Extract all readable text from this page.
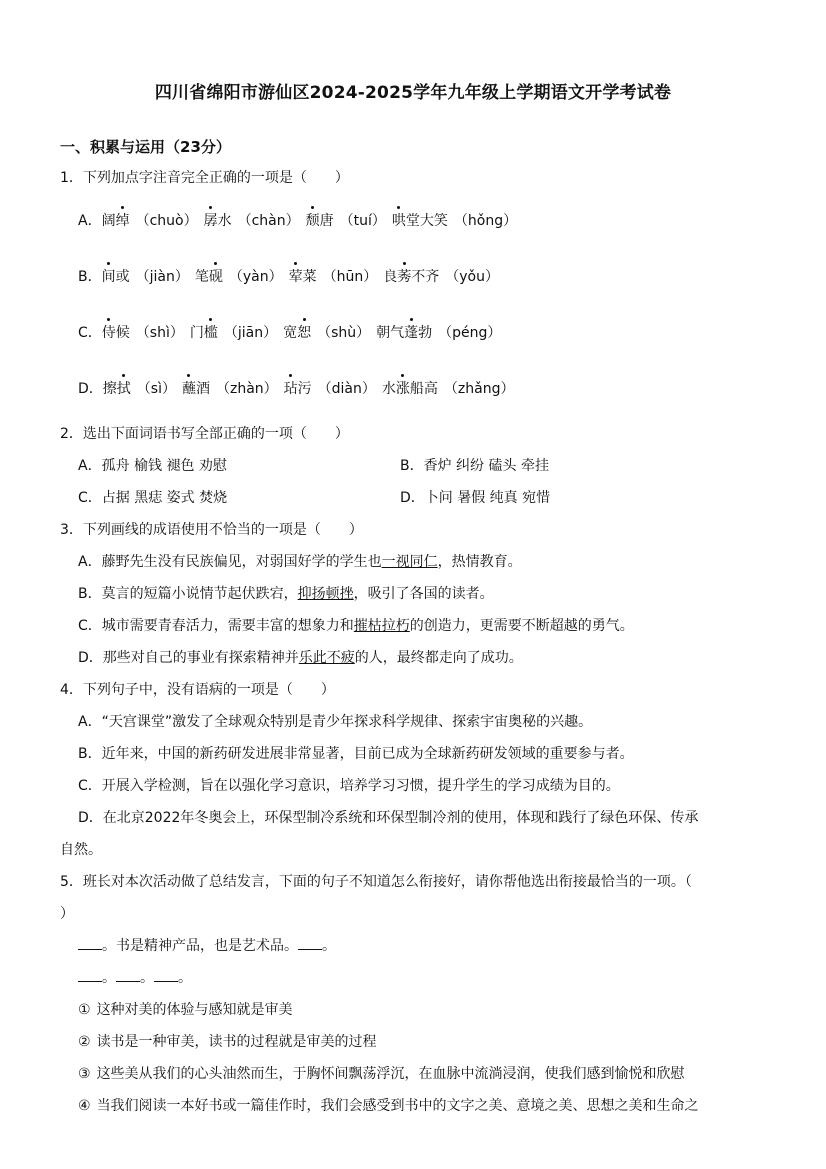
四川省绵阳市游仙区2024-2025学年九年级上学期语文开学考试卷
一、积累与运用（23分）
1．下列加点字注音完全正确的一项是（　　）
A．阔绰 （chuò） 孱水 （chàn） 颓唐 （tuí） 哄堂大笑 （hǒng）
B．间或 （jiàn） 笔砚 （yàn） 荤菜 （hūn） 良莠不齐 （yǒu）
C．侍候 （shì） 门槛 （jiān） 宽恕 （shù） 朝气蓬勃 （péng）
D．擦拭 （sì） 蘸酒 （zhàn） 玷污 （diàn） 水涨船高 （zhǎng）
2．选出下面词语书写全部正确的一项（　　）
A．孤舟 榆钱 褪色 劝慰	B．香炉 纠纷 磕头 牵挂
C．占据 黑痣 姿式 焚烧	D．卜问 暑假 纯真 宛惜
3．下列画线的成语使用不恰当的一项是（　　）
A．藤野先生没有民族偏见，对弱国好学的学生也一视同仁，热情教育。
B．莫言的短篇小说情节起伏跌宕，抑扬顿挫，吸引了各国的读者。
C．城市需要青春活力，需要丰富的想象力和摧枯拉朽的创造力，更需要不断超越的勇气。
D．那些对自己的事业有探索精神并乐此不疲的人，最终都走向了成功。
4．下列句子中，没有语病的一项是（　　）
A．“天宫课堂”激发了全球观众特别是青少年探求科学规律、探索宇宙奥秘的兴趣。
B．近年来，中国的新药研发进展非常显著，目前已成为全球新药研发领域的重要参与者。
C．开展入学检测，旨在以强化学习意识，培养学习习惯，提升学生的学习成绩为目的。
D．在北京2022年冬奥会上，环保型制冷系统和环保型制冷剂的使用，体现和践行了绿色环保、传承
自然。
5．班长对本次活动做了总结发言，下面的句子不知道怎么衔接好，请你帮他选出衔接最恰当的一项。（
）
。书是精神产品，也是艺术品。 。
。 。 。
① 这种对美的体验与感知就是审美
② 读书是一种审美，读书的过程就是审美的过程
③ 这些美从我们的心头油然而生，于胸怀间飘荡浮沉，在血脉中流淌浸润，使我们感到愉悦和欣慰
④ 当我们阅读一本好书或一篇佳作时，我们会感受到书中的文字之美、意境之美、思想之美和生命之
